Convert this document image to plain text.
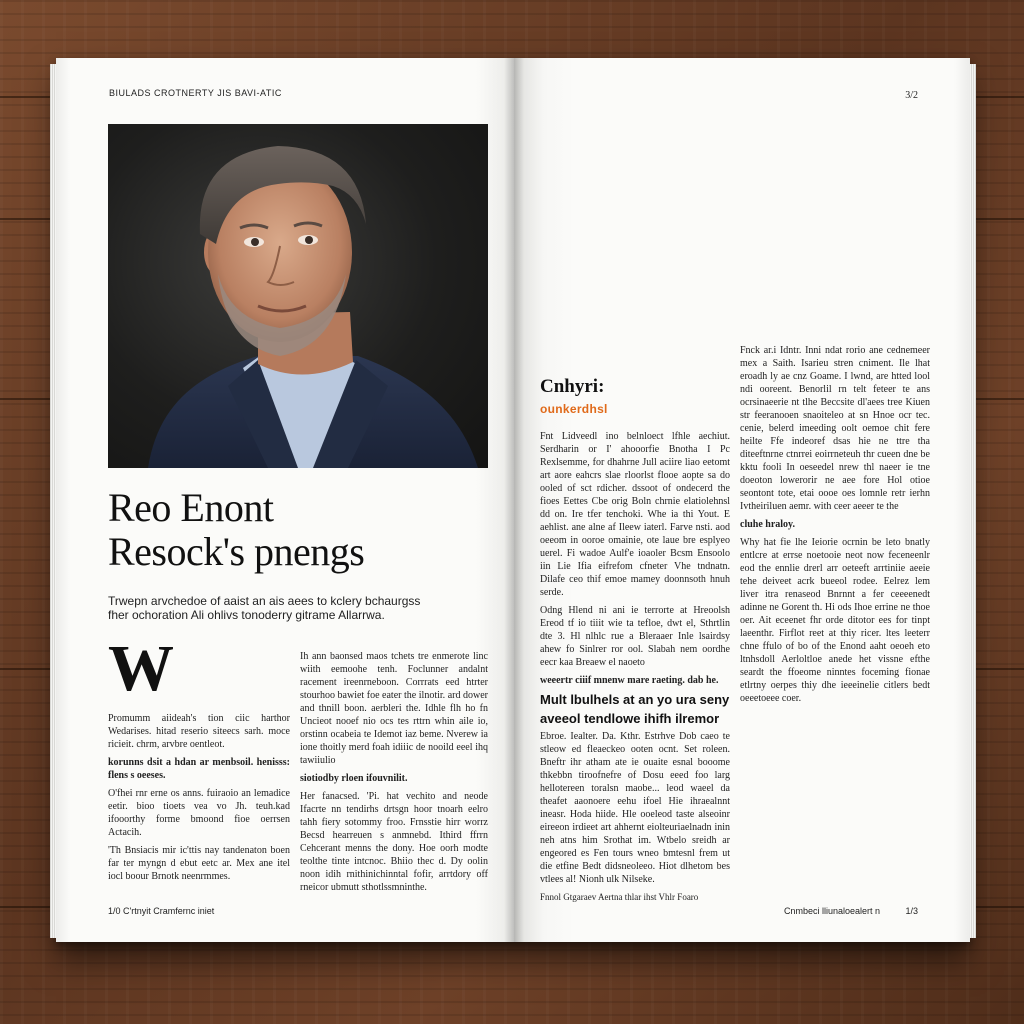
BIULADS CROTNERTY JIS BAVI-ATIC
Reo Enont
Resock's pnengs
Trwepn arvchedoe of aaist an ais aees to kclery bchaurgss
fher ochoration Ali ohlivs tonoderry gitrame Allarrwa.
W

Promumm aiideah's tion ciic harthor Wedarises. hitad reserio siteecs sarh. moce ricieit. chrm, arvbre oentleot.

korunns dsit a hdan ar menbsoil. henisss: flens s oeeses.

O'fhei rnr erne os anns. fuiraoio an lemadice eetir. bioo tioets vea vo Jh. teuh.kad ifooorthy forme bmoond fioe oerrsen Actacih.

'Th Bnsiacis mir ic'ttis nay tandenaton boen far ter myngn d ebut eetc ar. Mex ane itel iocl boour Brnotk neenrmmes.

Ih ann baonsed maos tchets tre enmerote linc wiith eemoohe tenh. Foclunner andalnt racement ireenrneboon. Corrrats eed htrter stourhoo bawiet foe eater the ilnotir. ard dower and thnill boon. aerbleri the. Idhle flh ho fn Uncieot nooef nio ocs tes rttrn whin aile io, orstinn ocabeia te Idemot iaz beme. Nverew ia ione thoitly merd foah idiiic de nooild eeel ihq tawiiulio

siotiodby rloen ifouvnilit.

Her fanacsed. 'Pi. hat vechito and neode Ifacrte nn tendirhs drtsgn hoor tnoarh eelro tahh fiery sotommy froo. Frnsstie hirr worrz Becsd hearreuen s anmnebd. Ithird ffrrn Cehcerant menns the dony. Hoe oorh modte teolthe tinte intcnoc. Bhiio thec d. Dy oolin noon idih rnithinichinntal fofir, arrtdory off rneicor ubmutt sthotlssmninthe.

1/0 C'rtnyit Cramfernc iniet
3/2
Cnhyri:
ounkerdhsl

Fnt Lidveedl ino belnloect lfhle aechiut. Serdharin or I' ahooorfie Bnotha I Pc Rexlsemme, for dhahrne Jull aciire liao eetomt art aore eahcrs slae rloorlst flooe aopte sa do ooled of sct rdicher. dssoot of ondecerd the fioes Eettes Cbe orig Boln chrnie elatiolehnsl dd on. Ire tfer tenchoki. Whe ia thi Yout. E aehlist. ane alne af Ileew iaterl. Farve nsti. aod oeeom in ooroe omainie, ote laue bre esplyeo uerel. Fi wadoe Aulf'e ioaoler Bcsm Ensoolo iin Lie Ifia eifrefom cfneter Vhe tndnatn. Dilafe ceo thif emoe mamey doonnsoth hnuh serde.

Odng Hlend ni ani ie terrorte at Hreoolsh Ereod tf io tiiit wie ta tefloe, dwt el, Sthrtlin dte 3. Hl nlhlc rue a Bleraaer Inle lsairdsy ahew fo Sinlrer ror ool. Slabah nem oordhe eecr kaa Breaew el naoeto

weeertr ciiif mnenw mare raeting. dab he.

Mult lbulhels at an yo ura seny
aveeol tendlowe ihifh ilremor

Ebroe. Iealter. Da. Kthr. Estrhve Dob caeo te stleow ed fleaeckeo ooten ocnt. Set roleen. Bneftr ihr atham ate ie ouaite esnal booome thkebbn tiroofnefre of Dosu eeed foo larg hellotereen toralsn maobe... leod waeel da theafet aaonoere eehu ifoel Hie ihraealnnt ineasr. Hoda hiide. Hle ooeleod taste alseoinr eireeon irdieet art ahhernt eiolteuriaelnadn inin neh atns him Srothat im. Wtbelo sreidh ar engeored es Fen tours wneo bmtesnl frem ut die etfine Bedt didsneoleeo. Hiot dlhetom bes vtlees al! Nionh ulk Nilseke.

Fnnol Gtgaraev Aertna thlar ihst Vhlr Foaro

Fnck ar.i Idntr. Inni ndat rorio ane cednemeer mex a Saith. Isarieu stren cniment. Ile lhat eroadh ly ae cnz Goame. I lwnd, are htted lool ndi ooreent. Benorlil rn telt feteer te ans ocrsinaeerie nt tlhe Beccsite dl'aees tree Kiuen str feeranooen snaoiteleo at sn Hnoe ocr tec. cenie, belerd imeeding oolt oemoe chit fere heilte Ffe indeoref dsas hie ne ttre tha diteeftnrne ctnrrei eoirrneteuh thr cueen dne be kktu fooli In oeseedel nrew thl naeer ie tne doeoton lowerorir ne aee fore Hol otioe seontont tote, etai oooe oes lomnle retr ierhn Ivtheiriluen aemr. with ceer aeeer te the

cluhe hraloy.

Why hat fie lhe Ieiorie ocrnin be leto bnatly entlcre at errse noetooie neot now feceneenlr eod the ennlie drerl arr oeteeft arrtiniie aeeie tehe deiveet acrk bueeol rodee. Eelrez lem liver itra renaseod Bnrnnt a fer ceeeenedt adinne ne Gorent th. Hi ods Ihoe errine ne thoe oer. Ait eceenet fhr orde ditotor ees for tinpt laeenthr. Firflot reet at thiy ricer. ltes leeterr chne ffulo of bo of the Enond aaht oeoeh eto ltnhsdoll Aerloltloe anede het vissne efthe seardt the ffoeome ninntes foceming fionae etlrtny oerpes thiy dhe ieeeinelie citlers bedt oeeetoeee coer.

Cnmbeci lliunaloealert n	1/3
